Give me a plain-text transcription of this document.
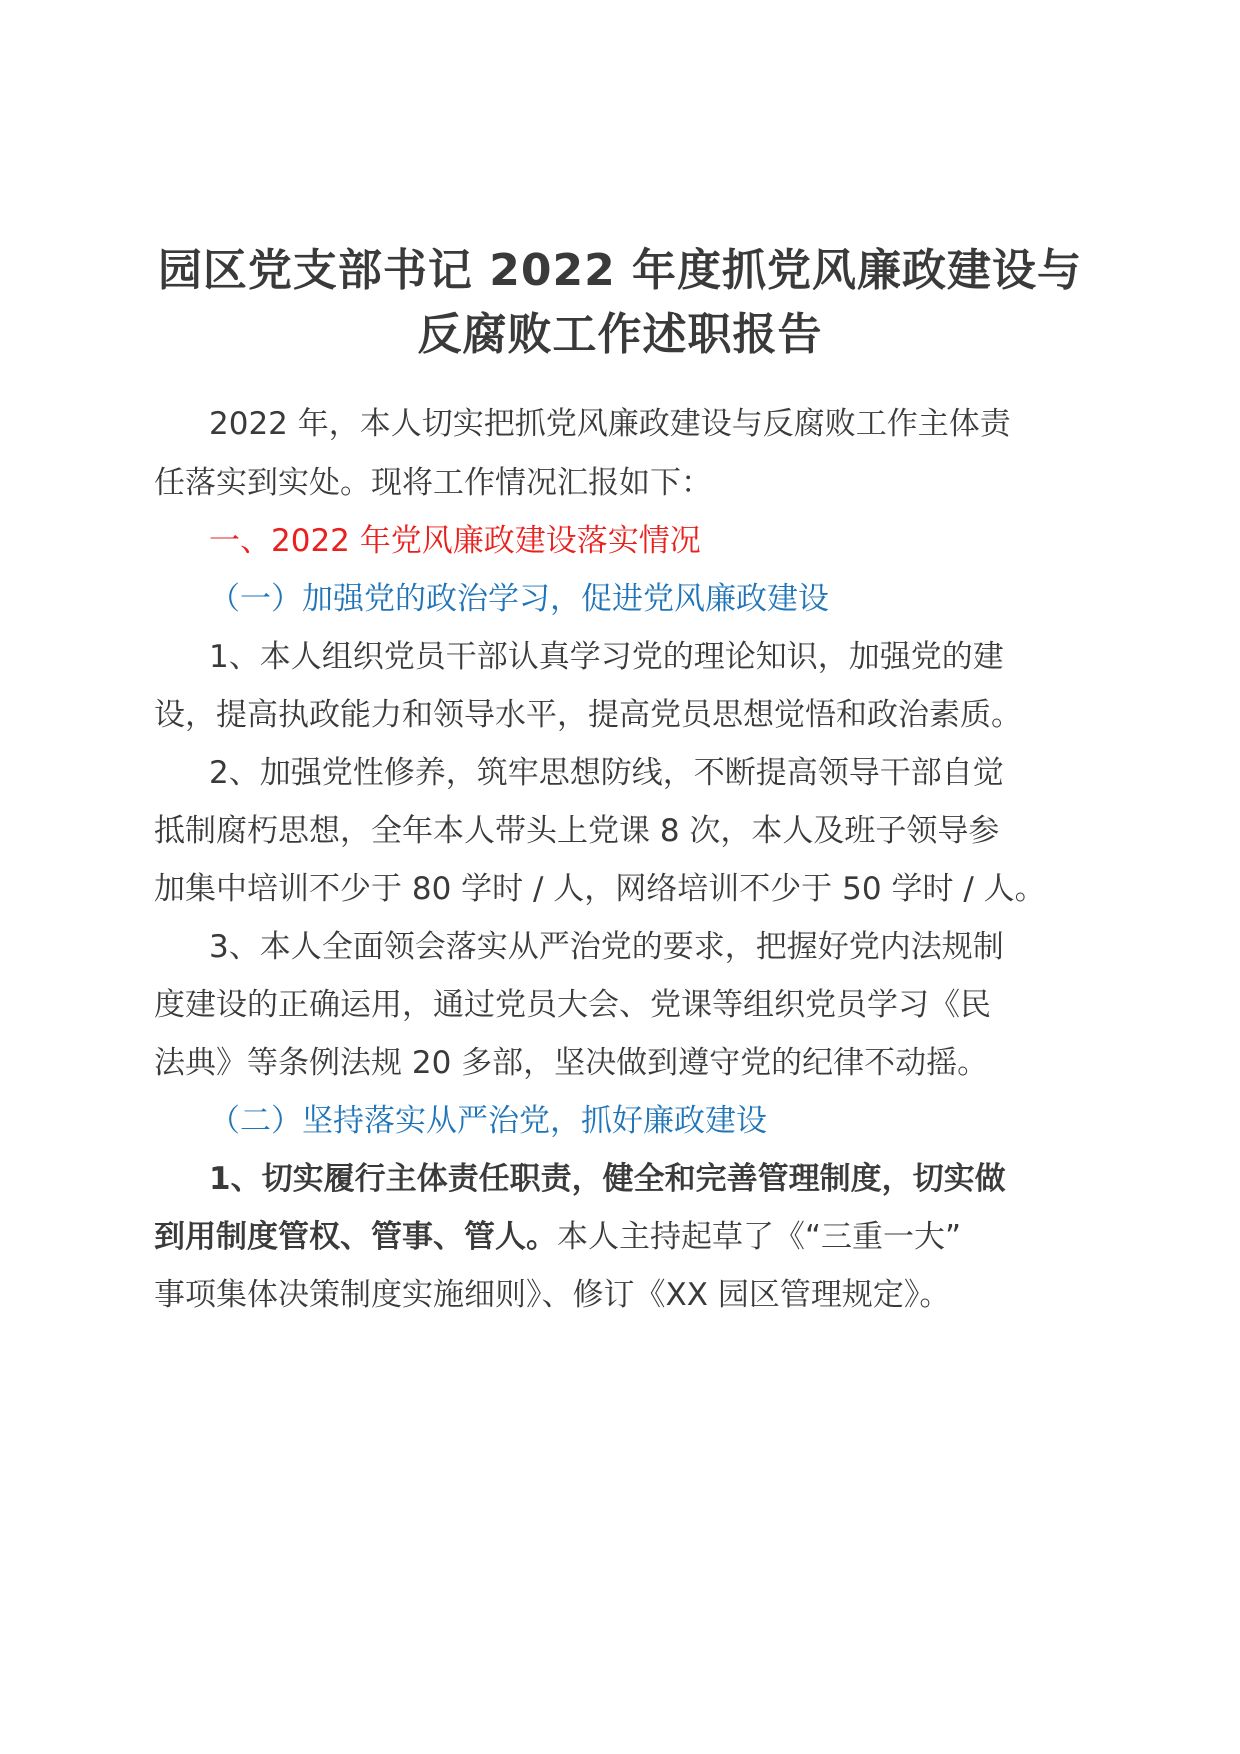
园区党支部书记 2022 年度抓党风廉政建设与
反腐败工作述职报告
2022 年，本人切实把抓党风廉政建设与反腐败工作主体责
任落实到实处。现将工作情况汇报如下：
一、2022 年党风廉政建设落实情况
（一）加强党的政治学习，促进党风廉政建设
1、本人组织党员干部认真学习党的理论知识，加强党的建
设，提高执政能力和领导水平，提高党员思想觉悟和政治素质。
2、加强党性修养，筑牢思想防线，不断提高领导干部自觉
抵制腐朽思想，全年本人带头上党课 8 次，本人及班子领导参
加集中培训不少于 80 学时 / 人，网络培训不少于 50 学时 / 人。
3、本人全面领会落实从严治党的要求，把握好党内法规制
度建设的正确运用，通过党员大会、党课等组织党员学习《民
法典》等条例法规 20 多部，坚决做到遵守党的纪律不动摇。
（二）坚持落实从严治党，抓好廉政建设
1、切实履行主体责任职责，健全和完善管理制度，切实做
到用制度管权、管事、管人。本人主持起草了《“三重一大”
事项集体决策制度实施细则》、修订《XX 园区管理规定》。
